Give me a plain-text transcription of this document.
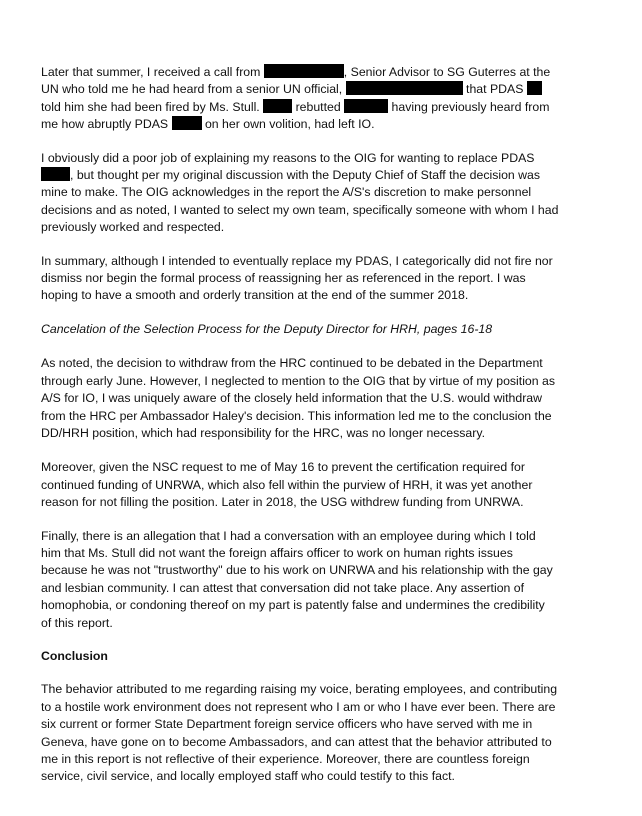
Later that summer, I received a call from	, Senior Advisor to SG Guterres at the
UN who told me he had heard from a senior UN official,	that PDAS
told him she had been fired by Ms. Stull.  rebutted	having previously heard from
me how abruptly PDAS  on her own volition, had left IO.

I obviously did a poor job of explaining my reasons to the OIG for wanting to replace PDAS
, but thought per my original discussion with the Deputy Chief of Staff the decision was
mine to make. The OIG acknowledges in the report the A/S's discretion to make personnel
decisions and as noted, I wanted to select my own team, specifically someone with whom I had
previously worked and respected.

In summary, although I intended to eventually replace my PDAS, I categorically did not fire nor
dismiss nor begin the formal process of reassigning her as referenced in the report. I was
hoping to have a smooth and orderly transition at the end of the summer 2018.

Cancelation of the Selection Process for the Deputy Director for HRH, pages 16-18

As noted, the decision to withdraw from the HRC continued to be debated in the Department
through early June. However, I neglected to mention to the OIG that by virtue of my position as
A/S for IO, I was uniquely aware of the closely held information that the U.S. would withdraw
from the HRC per Ambassador Haley's decision. This information led me to the conclusion the
DD/HRH position, which had responsibility for the HRC, was no longer necessary.

Moreover, given the NSC request to me of May 16 to prevent the certification required for
continued funding of UNRWA, which also fell within the purview of HRH, it was yet another
reason for not filling the position. Later in 2018, the USG withdrew funding from UNRWA.

Finally, there is an allegation that I had a conversation with an employee during which I told
him that Ms. Stull did not want the foreign affairs officer to work on human rights issues
because he was not "trustworthy" due to his work on UNRWA and his relationship with the gay
and lesbian community. I can attest that conversation did not take place. Any assertion of
homophobia, or condoning thereof on my part is patently false and undermines the credibility
of this report.

Conclusion

The behavior attributed to me regarding raising my voice, berating employees, and contributing
to a hostile work environment does not represent who I am or who I have ever been. There are
six current or former State Department foreign service officers who have served with me in
Geneva, have gone on to become Ambassadors, and can attest that the behavior attributed to
me in this report is not reflective of their experience. Moreover, there are countless foreign
service, civil service, and locally employed staff who could testify to this fact.
